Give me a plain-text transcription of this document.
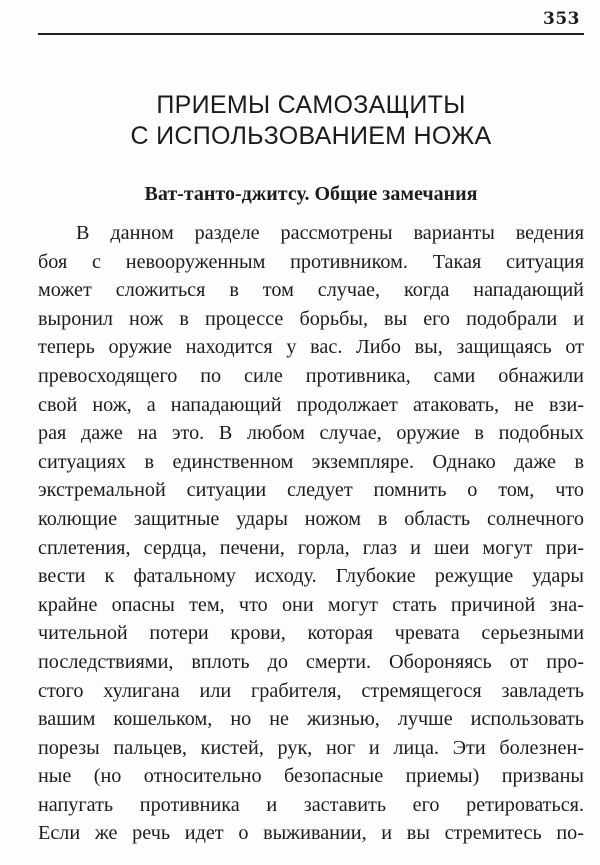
353
ПРИЕМЫ САМОЗАЩИТЫ
С ИСПОЛЬЗОВАНИЕМ НОЖА
Ват-танто-джитсу. Общие замечания
В данном разделе рассмотрены варианты ведения
боя с невооруженным противником. Такая ситуация
может сложиться в том случае, когда нападающий
выронил нож в процессе борьбы, вы его подобрали и
теперь оружие находится у вас. Либо вы, защищаясь от
превосходящего по силе противника, сами обнажили
свой нож, а нападающий продолжает атаковать, не взи-
рая даже на это. В любом случае, оружие в подобных
ситуациях в единственном экземпляре. Однако даже в
экстремальной ситуации следует помнить о том, что
колющие защитные удары ножом в область солнечного
сплетения, сердца, печени, горла, глаз и шеи могут при-
вести к фатальному исходу. Глубокие режущие удары
крайне опасны тем, что они могут стать причиной зна-
чительной потери крови, которая чревата серьезными
последствиями, вплоть до смерти. Обороняясь от про-
стого хулигана или грабителя, стремящегося завладеть
вашим кошельком, но не жизнью, лучше использовать
порезы пальцев, кистей, рук, ног и лица. Эти болезнен-
ные (но относительно безопасные приемы) призваны
напугать противника и заставить его ретироваться.
Если же речь идет о выживании, и вы стремитесь по-
